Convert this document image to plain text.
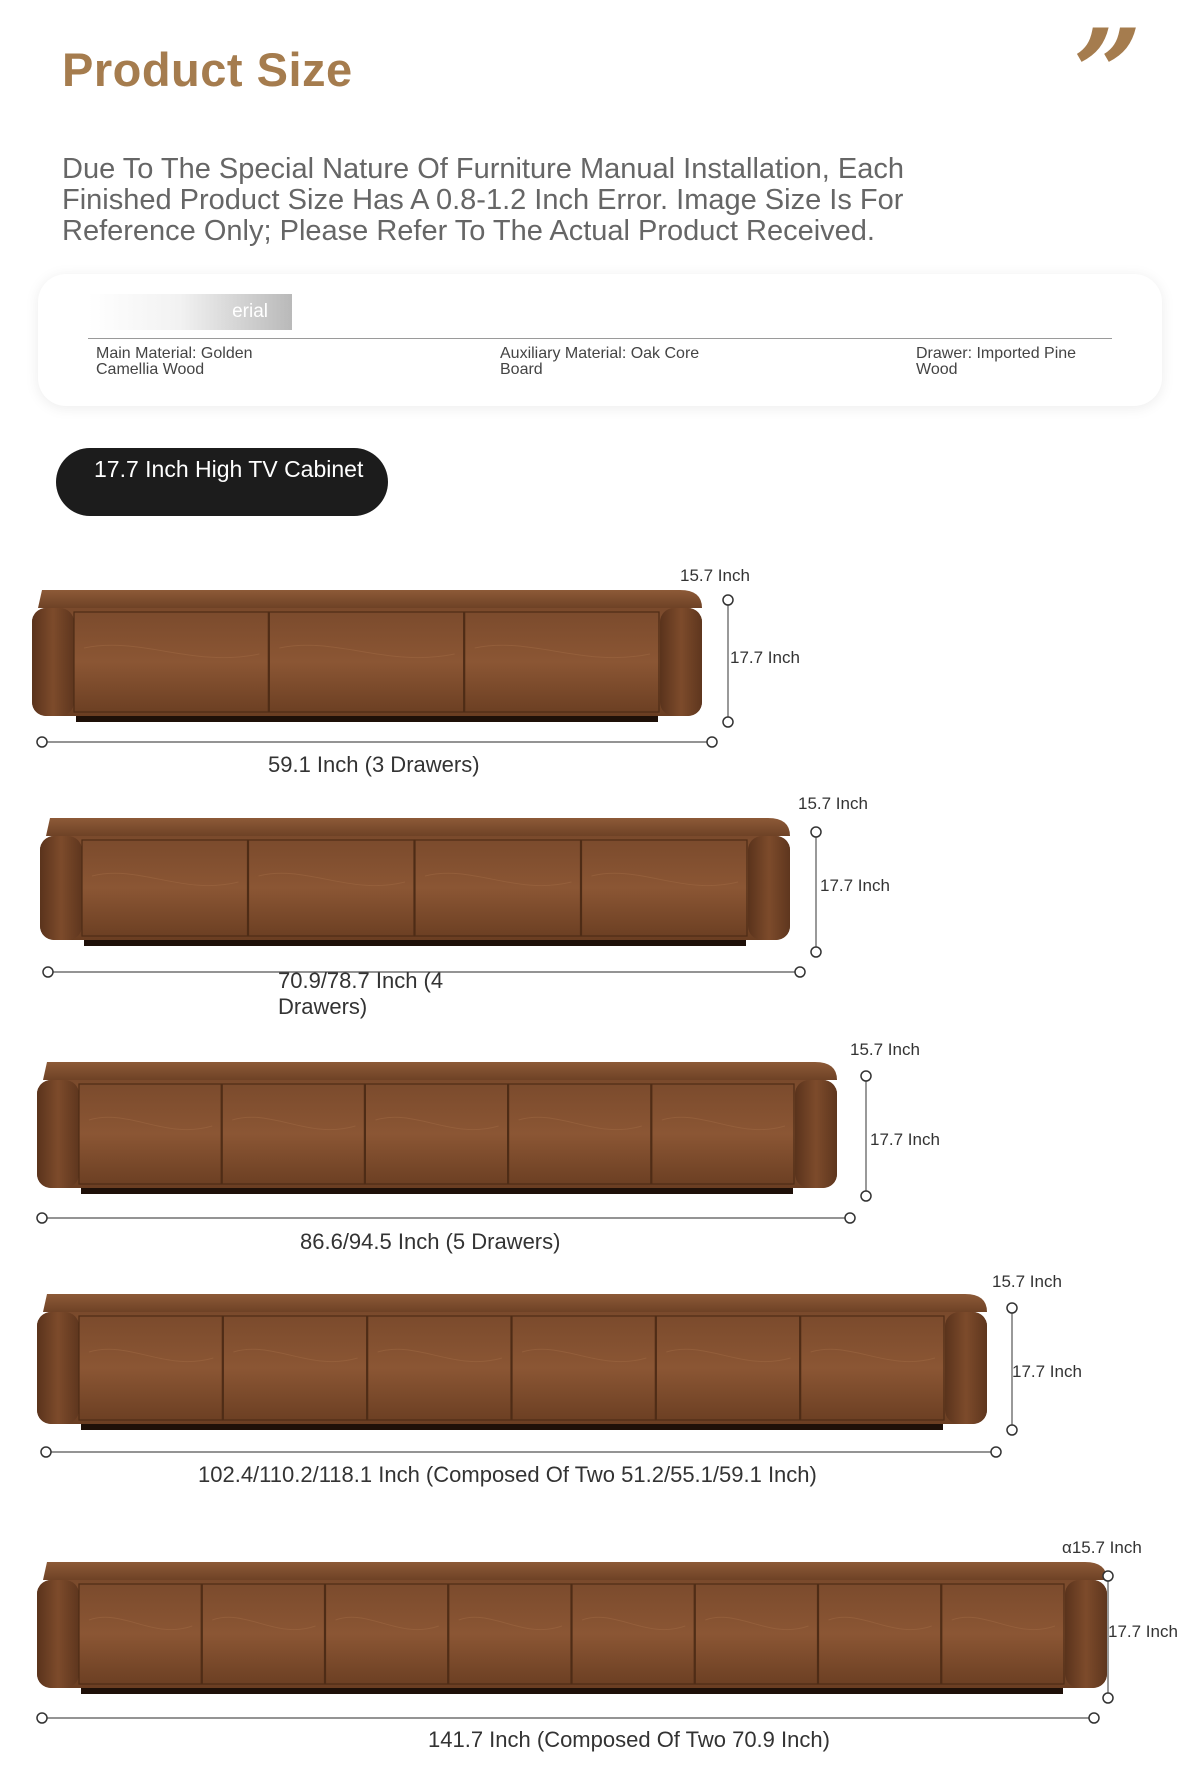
Product Size	”
Due To The Special Nature Of Furniture Manual Installation, Each Finished Product Size Has A 0.8-1.2 Inch Error. Image Size Is For Reference Only; Please Refer To The Actual Product Received.
erial
Main Material: Golden Camellia Wood
Auxiliary Material: Oak Core Board
Drawer: Imported Pine Wood
17.7 Inch High TV Cabinet
15.7 Inch
17.7 Inch
59.1 Inch (3 Drawers)
15.7 Inch
17.7 Inch
70.9/78.7 Inch (4 Drawers)
15.7 Inch
17.7 Inch
86.6/94.5 Inch (5 Drawers)
15.7 Inch
17.7 Inch
102.4/110.2/118.1 Inch (Composed Of Two 51.2/55.1/59.1 Inch)
α15.7 Inch
17.7 Inch
141.7 Inch (Composed Of Two 70.9 Inch)
